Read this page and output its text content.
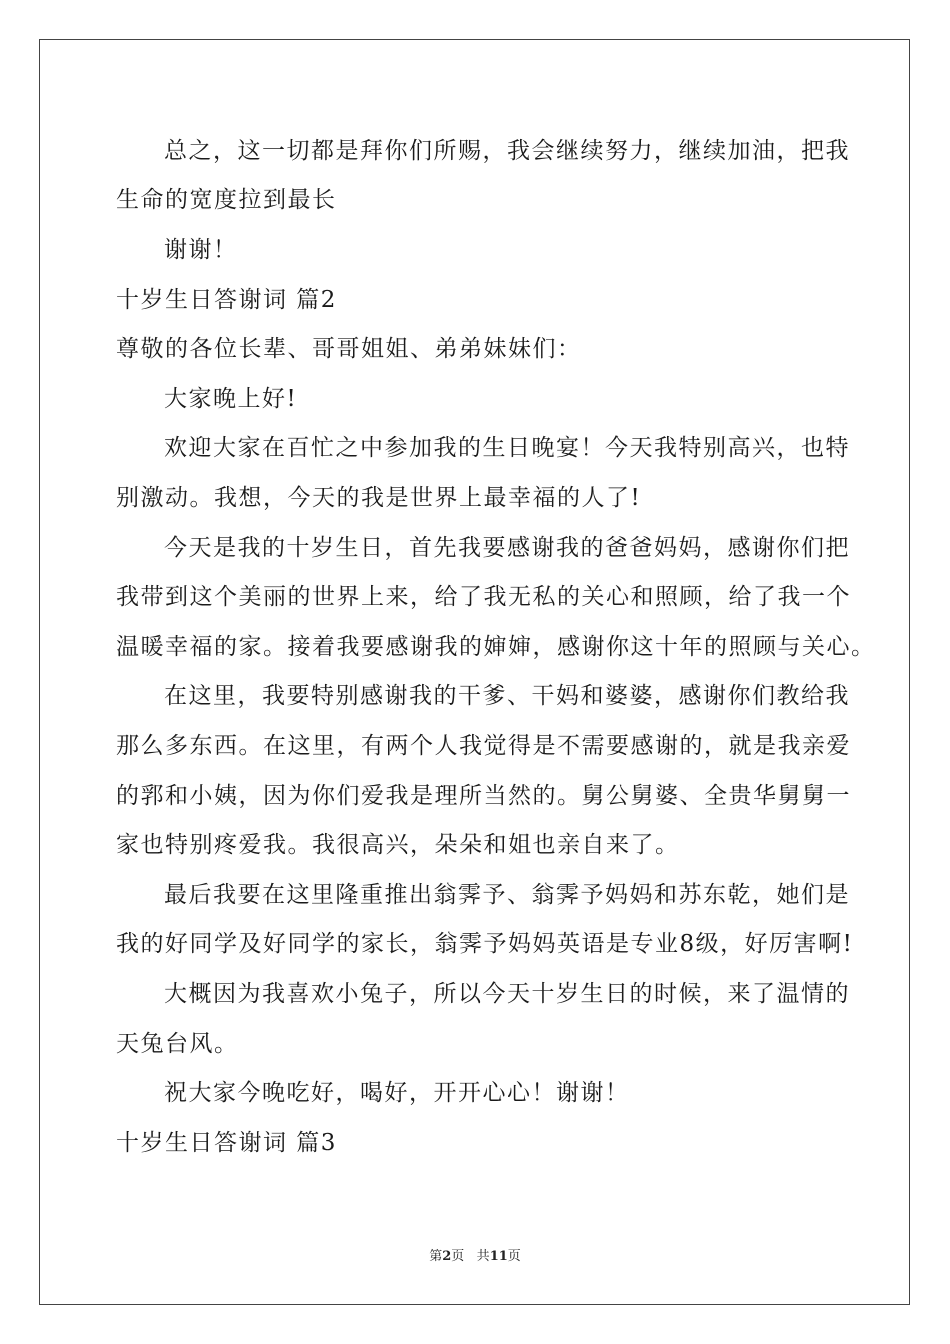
总之，这一切都是拜你们所赐，我会继续努力，继续加油，把我
生命的宽度拉到最长
谢谢！
十岁生日答谢词 篇2
尊敬的各位长辈、哥哥姐姐、弟弟妹妹们：
大家晚上好!
欢迎大家在百忙之中参加我的生日晚宴！今天我特别高兴，也特
别激动。我想，今天的我是世界上最幸福的人了!
今天是我的十岁生日，首先我要感谢我的爸爸妈妈，感谢你们把
我带到这个美丽的世界上来，给了我无私的关心和照顾，给了我一个
温暖幸福的家。接着我要感谢我的婶婶，感谢你这十年的照顾与关心。
在这里，我要特别感谢我的干爹、干妈和婆婆，感谢你们教给我
那么多东西。在这里，有两个人我觉得是不需要感谢的，就是我亲爱
的郛和小姨，因为你们爱我是理所当然的。舅公舅婆、全贵华舅舅一
家也特别疼爱我。我很高兴，朵朵和姐也亲自来了。
最后我要在这里隆重推出翁霁予、翁霁予妈妈和苏东乾，她们是
我的好同学及好同学的家长，翁霁予妈妈英语是专业8级，好厉害啊!
大概因为我喜欢小兔子，所以今天十岁生日的时候，来了温情的
天兔台风。
祝大家今晚吃好，喝好，开开心心！谢谢！
十岁生日答谢词 篇3
第2页 共11页
